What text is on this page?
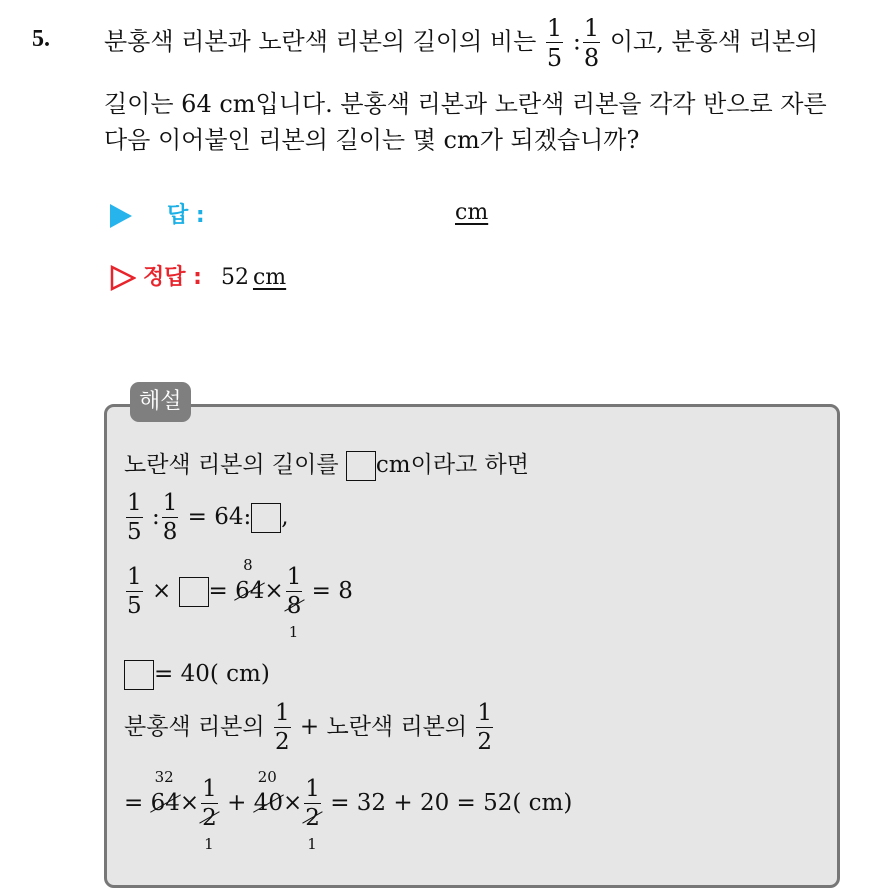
5. 분홍색 리본과 노란색 리본의 길이의 비는 $\frac{1}{5}$ : $\frac{1}{8}$ 이고, 분홍색 리본의
길이는 64 cm입니다. 분홍색 리본과 노란색 리본을 각각 반으로 자른
다음 이어붙인 리본의 길이는 몇 cm가 되겠습니까?
답 :	cm
정답 : 52 cm
해설
노란색 리본의 길이를 cm이라고 하면
$\frac{1}{5}$ : $\frac{1}{8} = 64$: ,
$\frac{1}{5}$ × =
8
64×
1
8
1
= 8
= 40( cm)
분홍색 리본의 $\frac{1}{2}$ + 노란색 리본의 $\frac{1}{2}$
=
32
64×
1
2
1
+
20
40×
1
2
1
= 32 + 20 = 52( cm)
